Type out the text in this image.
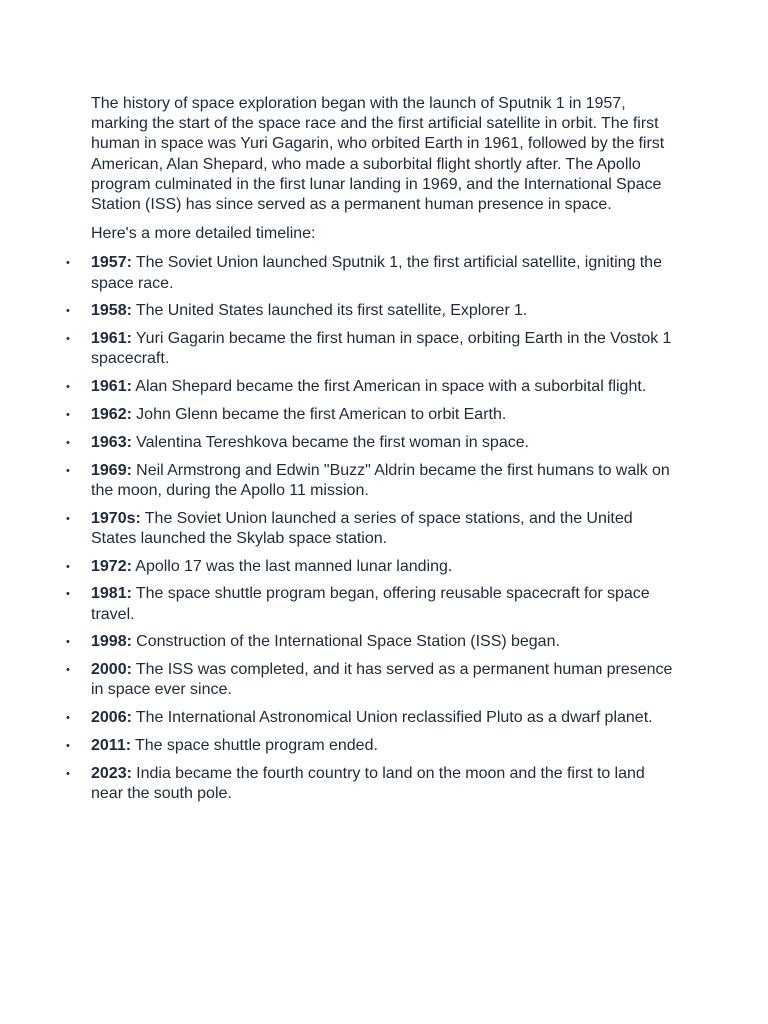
The history of space exploration began with the launch of Sputnik 1 in 1957, marking the start of the space race and the first artificial satellite in orbit. The first human in space was Yuri Gagarin, who orbited Earth in 1961, followed by the first American, Alan Shepard, who made a suborbital flight shortly after. The Apollo program culminated in the first lunar landing in 1969, and the International Space Station (ISS) has since served as a permanent human presence in space.

Here's a more detailed timeline:

• 1957: The Soviet Union launched Sputnik 1, the first artificial satellite, igniting the space race.
• 1958: The United States launched its first satellite, Explorer 1.
• 1961: Yuri Gagarin became the first human in space, orbiting Earth in the Vostok 1 spacecraft.
• 1961: Alan Shepard became the first American in space with a suborbital flight.
• 1962: John Glenn became the first American to orbit Earth.
• 1963: Valentina Tereshkova became the first woman in space.
• 1969: Neil Armstrong and Edwin "Buzz" Aldrin became the first humans to walk on the moon, during the Apollo 11 mission.
• 1970s: The Soviet Union launched a series of space stations, and the United States launched the Skylab space station.
• 1972: Apollo 17 was the last manned lunar landing.
• 1981: The space shuttle program began, offering reusable spacecraft for space travel.
• 1998: Construction of the International Space Station (ISS) began.
• 2000: The ISS was completed, and it has served as a permanent human presence in space ever since.
• 2006: The International Astronomical Union reclassified Pluto as a dwarf planet.
• 2011: The space shuttle program ended.
• 2023: India became the fourth country to land on the moon and the first to land near the south pole.
